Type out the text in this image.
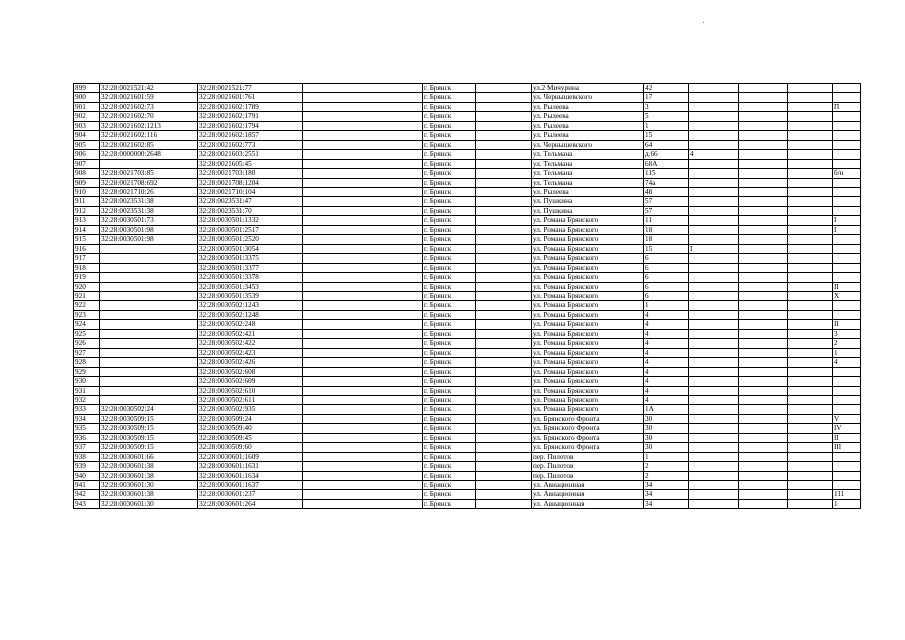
899	32:28:0021521:42	32:28:0021521:77		г. Брянск		ул.2 Мичурина	42				
900	32:28:0021601:59	32:28:0021601:761		г. Брянск		ул. Чернышевского	17				
901	32:28:0021602:73	32:28:0021602:1789		г. Брянск		ул. Рылеева	3				П
902	32:28:0021602:70	32:28:0021602:1791		г. Брянск		ул. Рылеева	5				
903	32:28:0021602:1213	32:28:0021602:1794		г. Брянск		ул. Рылеева	1				
904	32:28:0021602:116	32:28:0021602:1857		г. Брянск		ул. Рылеева	15				
905	32:28:0021602:85	32:28:0021602:773		г. Брянск		ул. Чернышевского	64				
906	32:28:0000000:2648	32:28:0021603:2551		г. Брянск		ул. Тельмана	д.66	4			
907		32:28:0021605:45		г. Брянск		ул. Тельмана	68А				
908	32:28:0021703:85	32:28:0021703:180		г. Брянск		ул. Тельмана	115				б/н
909	32:28:0021708:692	32:28:0021708:1204		г. Брянск		ул. Тельмана	74а				
910	32:28:0021710:26	32:28:0021710:104		г. Брянск		ул. Рылеева	48				
911	32:28:0023531:38	32:28:0023531:47		г. Брянск		ул. Пушкина	57				
912	32:28:0023531:38	32:28:0023531:70		г. Брянск		ул. Пушкина	57				
913	32:28:0030501:73	32:28:0030501:1332		г. Брянск		ул. Романа Брянского	11				I
914	32:28:0030501:98	32:28:0030501:2517		г. Брянск		ул. Романа Брянского	18				I
915	32:28:0030501:98	32:28:0030501:2520		г. Брянск		ул. Романа Брянского	18				
916		32:28:0030501:3054		г. Брянск		ул. Романа Брянского	15	I			
917		32:28:0030501:3375		г. Брянск		ул. Романа Брянского	6				
918		32:28:0030501:3377		г. Брянск		ул. Романа Брянского	6				
919		32:28:0030501:3378		г. Брянск		ул. Романа Брянского	6				
920		32:28:0030501:3453		г. Брянск		ул. Романа Брянского	6				II
921		32:28:0030501:3539		г. Брянск		ул. Романа Брянского	6				X
922		32:28:0030502:1243		г. Брянск		ул. Романа Брянского	1				
923		32:28:0030502:1248		г. Брянск		ул. Романа Брянского	4				
924		32:28:0030502:248		г. Брянск		ул. Романа Брянского	4				II
925		32:28:0030502:421		г. Брянск		ул. Романа Брянского	4				3
926		32:28:0030502:422		г. Брянск		ул. Романа Брянского	4				2
927		32:28:0030502:423		г. Брянск		ул. Романа Брянского	4				1
928		32:28:0030502:426		г. Брянск		ул. Романа Брянского	4				4
929		32:28:0030502:608		г. Брянск		ул. Романа Брянского	4				
930		32:28:0030502:609		г. Брянск		ул. Романа Брянского	4				
931		32:28:0030502:610		г. Брянск		ул. Романа Брянского	4				
932		32:28:0030502:611		г. Брянск		ул. Романа Брянского	4				
933	32:28:0030502:24	32:28:0030502:935		г. Брянск		ул. Романа Брянского	1А				
934	32:28:0030509:15	32:28:0030509:24		г. Брянск		ул. Брянского Фронта	30				V
935	32:28:0030509:15	32:28:0030509:40		г. Брянск		ул. Брянского Фронта	30				IV
936	32:28:0030509:15	32:28:0030509:45		г. Брянск		ул. Брянского Фронта	30				II
937	32:28:0030509:15	32:28:0030509:60		г. Брянск		ул. Брянского Фронта	30				III
938	32:28:0030601:66	32:28:0030601:1609		г. Брянск		пер. Пилотов	1				
939	32:28:0030601:38	32:28:0030601:1631		г. Брянск		пер. Пилотов	2				
940	32:28:0030601:38	32:28:0030601:1634		г. Брянск		пер. Пилотов	2				
941	32:28:0030601:30	32:28:0030601:1637		г. Брянск		ул. Авиационная	34				
942	32:28:0030601:38	32:28:0030601:237		г. Брянск		ул. Авиационная	34				111
943	32:28:0030601:30	32:28:0030601:264		г. Брянск		ул. Авиационная	34				1
